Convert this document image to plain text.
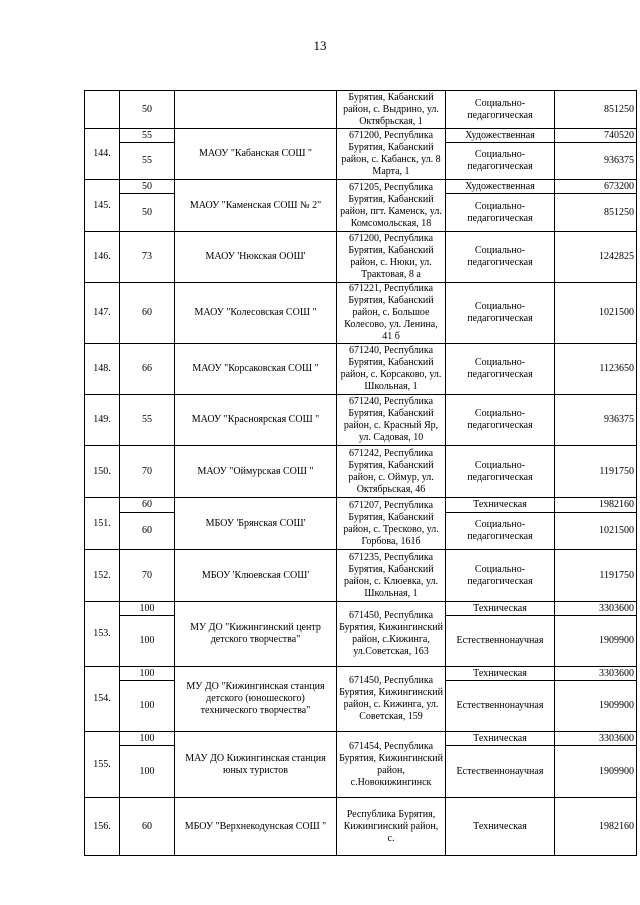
13
	50		Бурятия, Кабанский район, с. Выдрино, ул. Октябрьская, 1	Социально-педагогическая	851250
144.	55	МАОУ "Кабанская СОШ "	671200, Республика Бурятия, Кабанский район, с. Кабанск, ул. 8 Марта, 1	Художественная	740520
	55			Социально-педагогическая	936375
145.	50	МАОУ "Каменская СОШ № 2"	671205, Республика Бурятия, Кабанский район, пгт. Каменск, ул. Комсомольская, 18	Художественная	673200
	50			Социально-педагогическая	851250
146.	73	МАОУ 'Нюкская ООШ'	671200, Республика Бурятия, Кабанский район, с. Нюки, ул. Трактовая, 8 а	Социально-педагогическая	1242825
147.	60	МАОУ "Колесовская СОШ "	671221, Республика Бурятия, Кабанский район, с. Большое Колесово, ул. Ленина, 41 б	Социально-педагогическая	1021500
148.	66	МАОУ "Корсаковская СОШ "	671240, Республика Бурятия, Кабанский район, с. Корсаково, ул. Школьная, 1	Социально-педагогическая	1123650
149.	55	МАОУ "Красноярская СОШ "	671240, Республика Бурятия, Кабанский район, с. Красный Яр, ул. Садовая, 10	Социально-педагогическая	936375
150.	70	МАОУ "Оймурская СОШ "	671242, Республика Бурятия, Кабанский район, с. Оймур, ул. Октябрьская, 46	Социально-педагогическая	1191750
151.	60	МБОУ 'Брянская СОШ'	671207, Республика Бурятия, Кабанский район, с. Тресково, ул. Горбова, 161б	Техническая	1982160
	60			Социально-педагогическая	1021500
152.	70	МБОУ 'Клюевская СОШ'	671235, Республика Бурятия, Кабанский район, с. Клюевка, ул. Школьная, 1	Социально-педагогическая	1191750
153.	100	МУ ДО "Кижингинский центр детского творчества"	671450, Республика Бурятия, Кижингинский район, с.Кижинга, ул.Советская, 163	Техническая	3303600
	100			Естественнонаучная	1909900
154.	100	МУ ДО "Кижингинская станция детского (юношеского) технического творчества"	671450, Республика Бурятия, Кижингинский район, с. Кижинга, ул. Советская, 159	Техническая	3303600
	100			Естественнонаучная	1909900
155.	100	МАУ ДО Кижингинская станция юных туристов	671454, Республика Бурятия, Кижингинский район, с.Новокижингинск	Техническая	3303600
	100			Естественнонаучная	1909900
156.	60	МБОУ "Верхнекодунская СОШ "	Республика Бурятия, Кижингинский район, с.	Техническая	1982160
